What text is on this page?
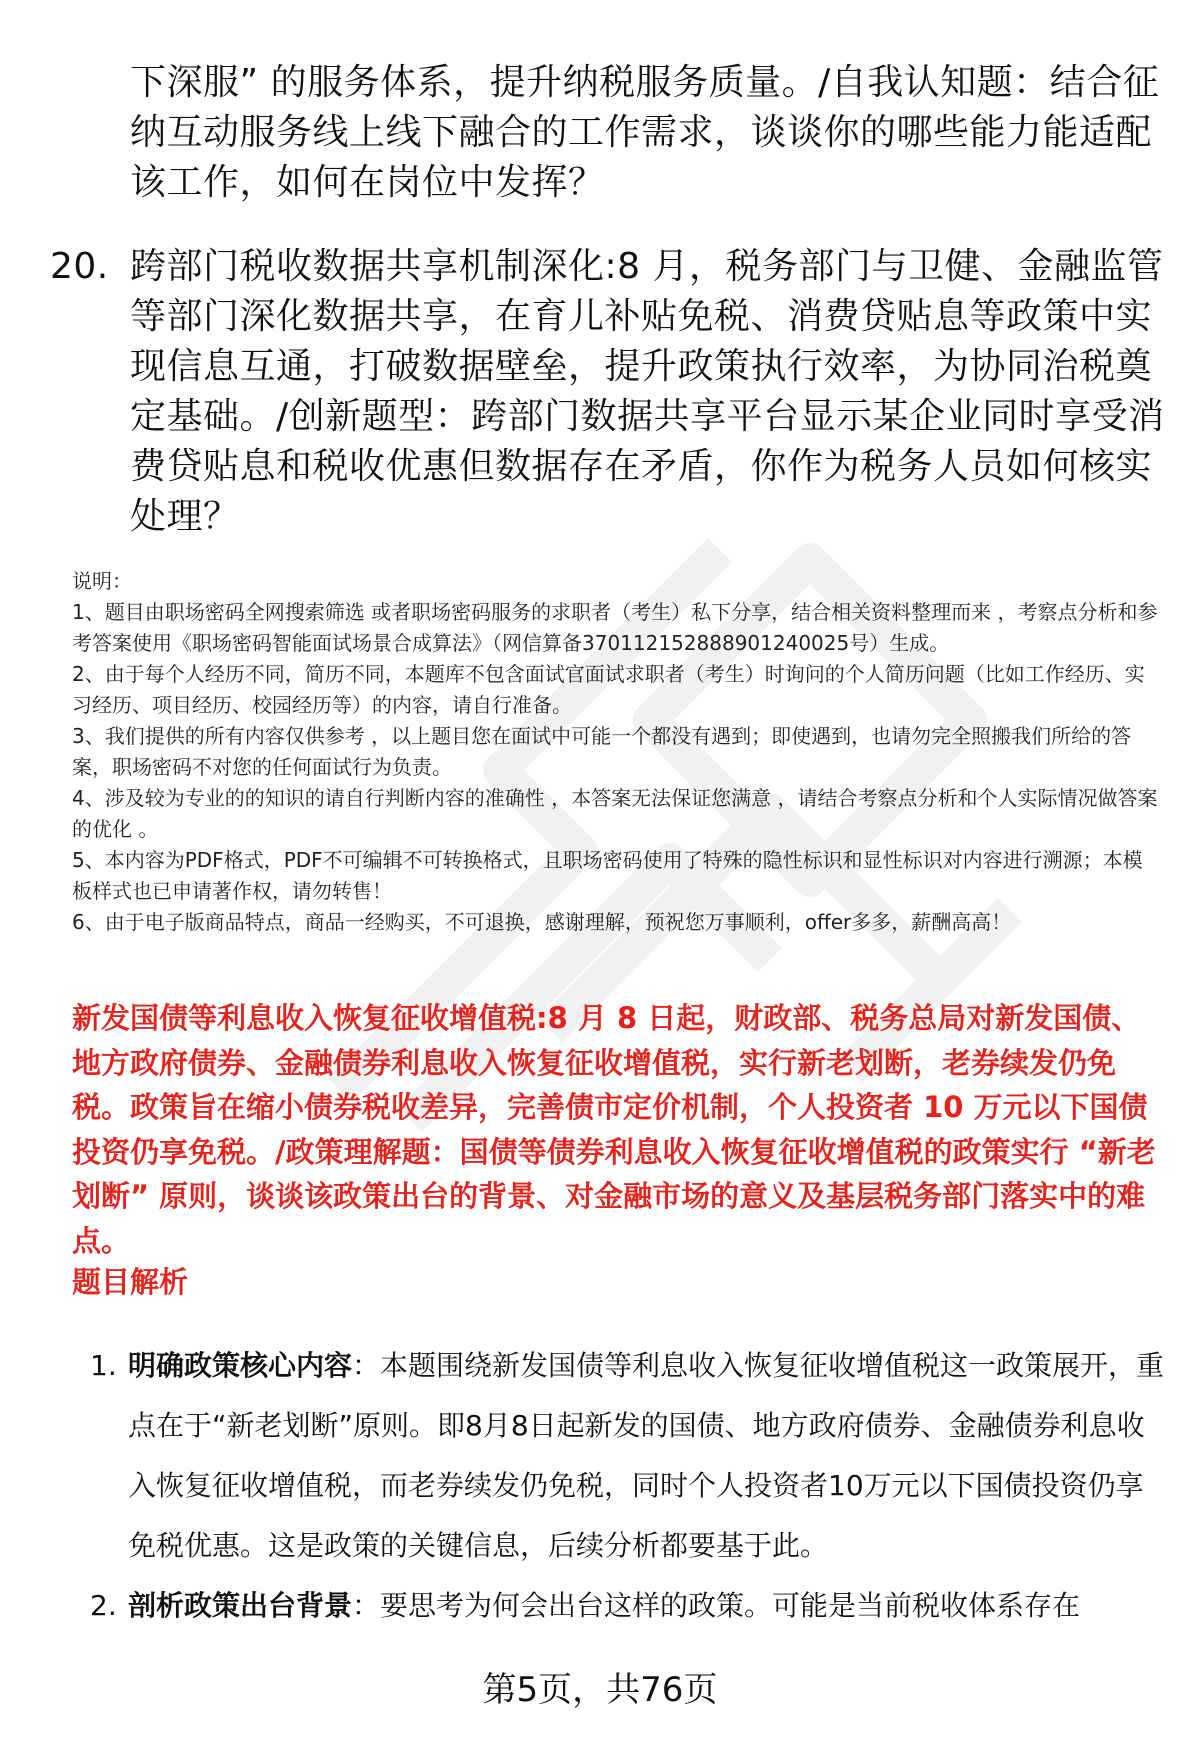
下深服” 的服务体系，提升纳税服务质量。/自我认知题：结合征纳互动服务线上线下融合的工作需求，谈谈你的哪些能力能适配该工作，如何在岗位中发挥？
20. 跨部门税收数据共享机制深化:8 月，税务部门与卫健、金融监管等部门深化数据共享，在育儿补贴免税、消费贷贴息等政策中实现信息互通，打破数据壁垒，提升政策执行效率，为协同治税奠定基础。/创新题型：跨部门数据共享平台显示某企业同时享受消费贷贴息和税收优惠但数据存在矛盾，你作为税务人员如何核实处理？

说明：

1、题目由职场密码全网搜索筛选 或者职场密码服务的求职者（考生）私下分享，结合相关资料整理而来 ，考察点分析和参考答案使用《职场密码智能面试场景合成算法》（网信算备370112152888901240025号）生成。

2、由于每个人经历不同，简历不同，本题库不包含面试官面试求职者（考生）时询问的个人简历问题（比如工作经历、实习经历、项目经历、校园经历等）的内容，请自行准备。

3、我们提供的所有内容仅供参考 ，以上题目您在面试中可能一个都没有遇到；即使遇到，也请勿完全照搬我们所给的答案，职场密码不对您的任何面试行为负责。

4、涉及较为专业的的知识的请自行判断内容的准确性 ，本答案无法保证您满意 ，请结合考察点分析和个人实际情况做答案的优化 。

5、本内容为PDF格式，PDF不可编辑不可转换格式，且职场密码使用了特殊的隐性标识和显性标识对内容进行溯源；本模板样式也已申请著作权，请勿转售！

6、由于电子版商品特点，商品一经购买，不可退换，感谢理解，预祝您万事顺利，offer多多，薪酬高高！

新发国债等利息收入恢复征收增值税:8 月 8 日起，财政部、税务总局对新发国债、地方政府债券、金融债券利息收入恢复征收增值税，实行新老划断，老券续发仍免税。政策旨在缩小债券税收差异，完善债市定价机制，个人投资者 10 万元以下国债投资仍享免税。/政策理解题：国债等债券利息收入恢复征收增值税的政策实行 “新老划断” 原则，谈谈该政策出台的背景、对金融市场的意义及基层税务部门落实中的难点。
题目解析
1. 明确政策核心内容：本题围绕新发国债等利息收入恢复征收增值税这一政策展开，重点在于“新老划断”原则。即8月8日起新发的国债、地方政府债券、金融债券利息收入恢复征收增值税，而老券续发仍免税，同时个人投资者10万元以下国债投资仍享免税优惠。这是政策的关键信息，后续分析都要基于此。
2. 剖析政策出台背景：要思考为何会出台这样的政策。可能是当前税收体系存在
第5页，共76页
